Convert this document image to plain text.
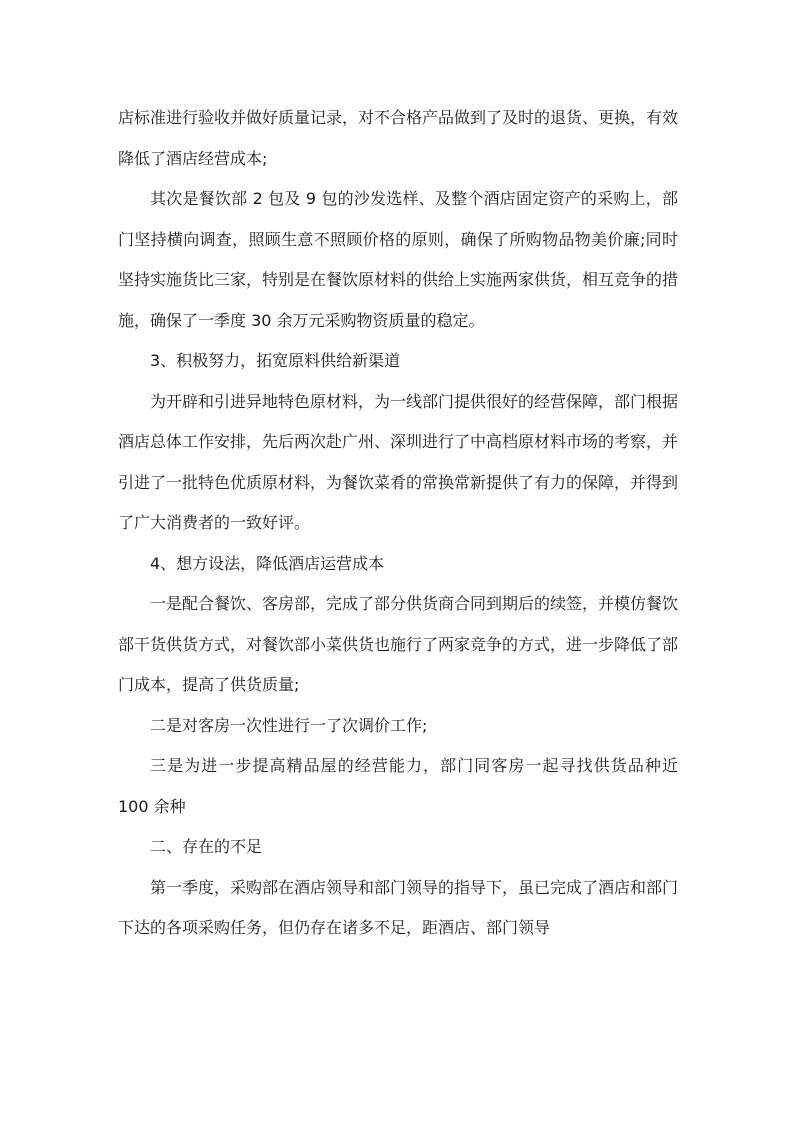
店标准进行验收并做好质量记录，对不合格产品做到了及时的退货、更换，有效降低了酒店经营成本;

其次是餐饮部 2 包及 9 包的沙发选样、及整个酒店固定资产的采购上，部门坚持横向调查，照顾生意不照顾价格的原则，确保了所购物品物美价廉;同时坚持实施货比三家，特别是在餐饮原材料的供给上实施两家供货，相互竞争的措施，确保了一季度 30 余万元采购物资质量的稳定。

3、积极努力，拓宽原料供给新渠道

为开辟和引进异地特色原材料，为一线部门提供很好的经营保障，部门根据酒店总体工作安排，先后两次赴广州、深圳进行了中高档原材料市场的考察，并引进了一批特色优质原材料，为餐饮菜肴的常换常新提供了有力的保障，并得到了广大消费者的一致好评。

4、想方设法，降低酒店运营成本

一是配合餐饮、客房部，完成了部分供货商合同到期后的续签，并模仿餐饮部干货供货方式，对餐饮部小菜供货也施行了两家竞争的方式，进一步降低了部门成本，提高了供货质量;

二是对客房一次性进行一了次调价工作;

三是为进一步提高精品屋的经营能力，部门同客房一起寻找供货品种近 100 余种

二、存在的不足

第一季度，采购部在酒店领导和部门领导的指导下，虽已完成了酒店和部门下达的各项采购任务，但仍存在诸多不足，距酒店、部门领导
